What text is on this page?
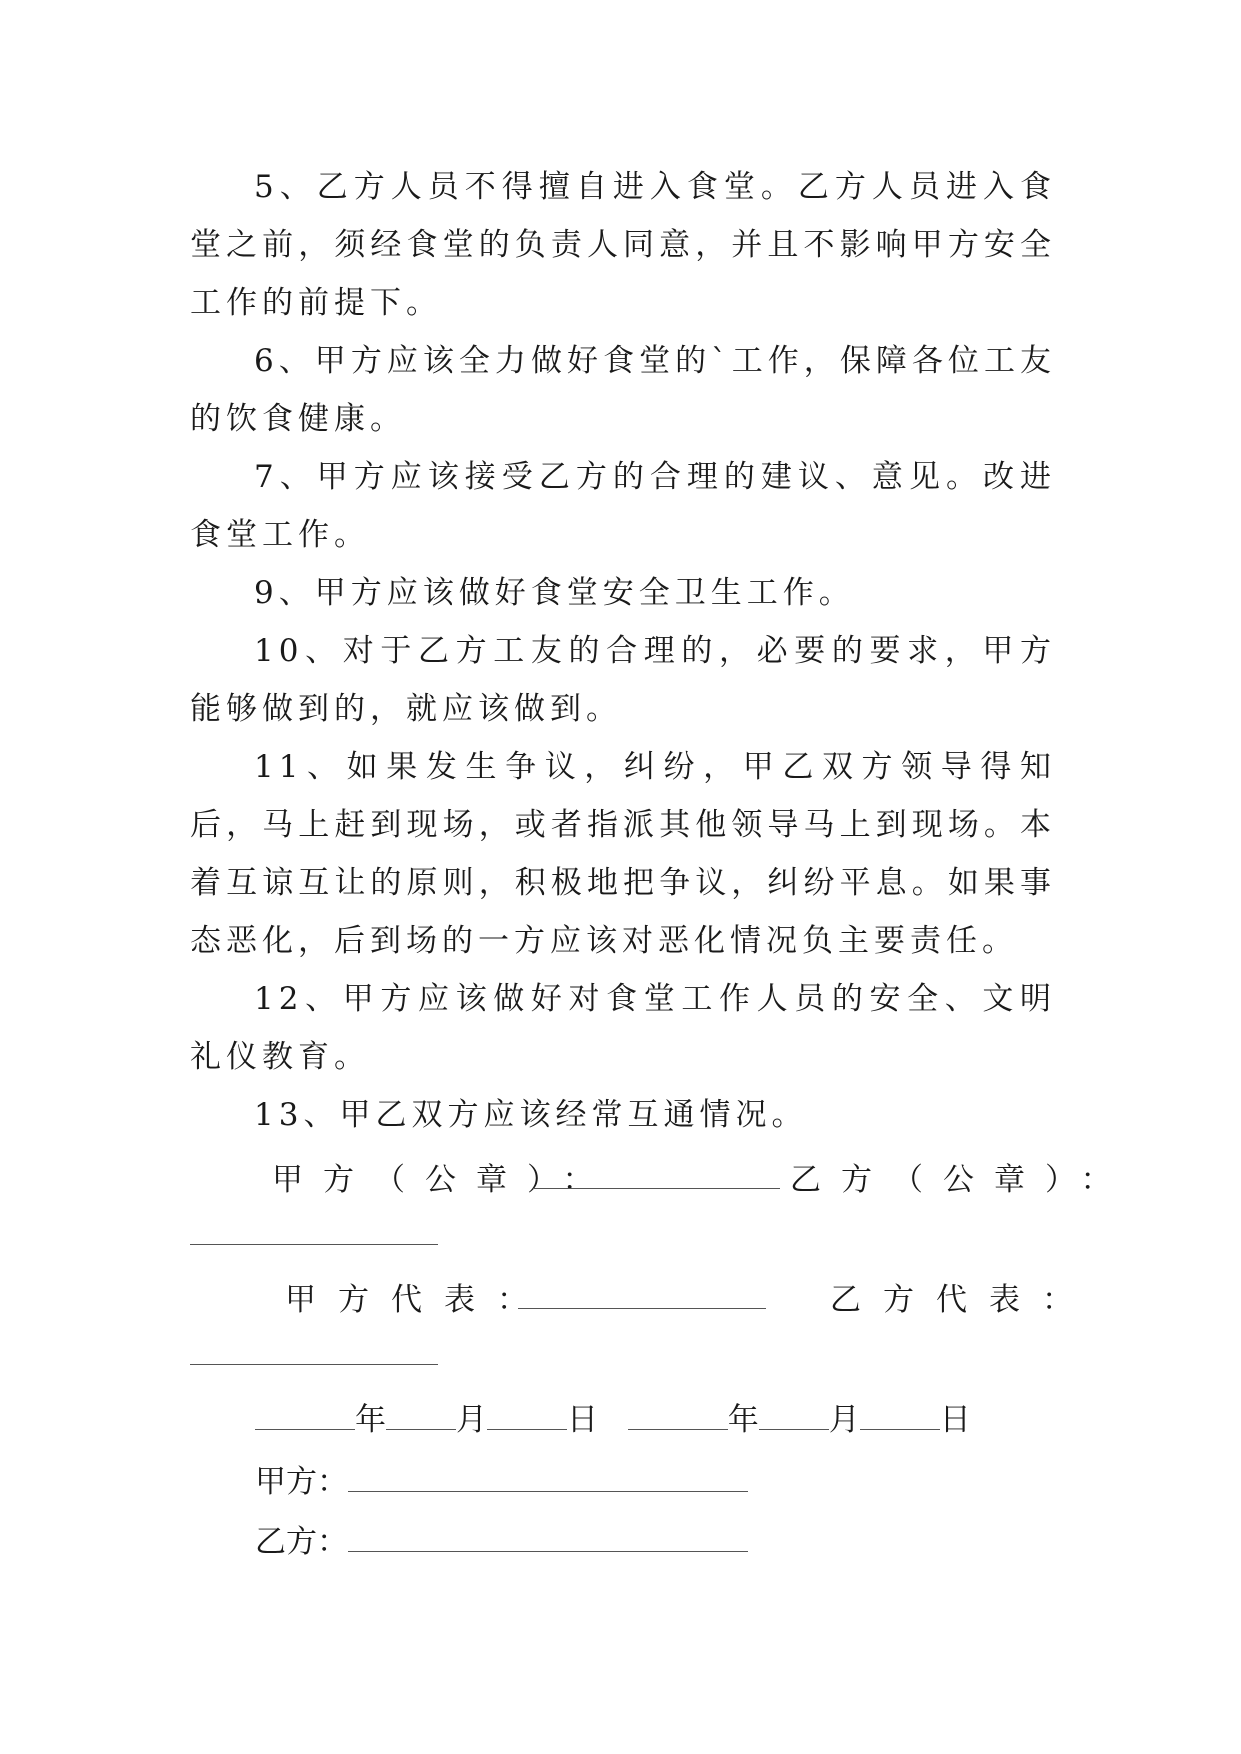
5、乙方人员不得擅自进入食堂。乙方人员进入食堂之前，须经食堂的负责人同意，并且不影响甲方安全工作的前提下。

6、甲方应该全力做好食堂的`工作，保障各位工友的饮食健康。

7、甲方应该接受乙方的合理的建议、意见。改进食堂工作。

9、甲方应该做好食堂安全卫生工作。

10、对于乙方工友的合理的，必要的要求，甲方能够做到的，就应该做到。

11、如果发生争议，纠纷，甲乙双方领导得知后，马上赶到现场，或者指派其他领导马上到现场。本着互谅互让的原则，积极地把争议，纠纷平息。如果事态恶化，后到场的一方应该对恶化情况负主要责任。

12、甲方应该做好对食堂工作人员的安全、文明礼仪教育。

13、甲乙双方应该经常互通情况。

甲方（公章）：	乙方（公章）：
甲方代表：	乙方代表：
年 月	日	年 月	日
甲方：
乙方：
